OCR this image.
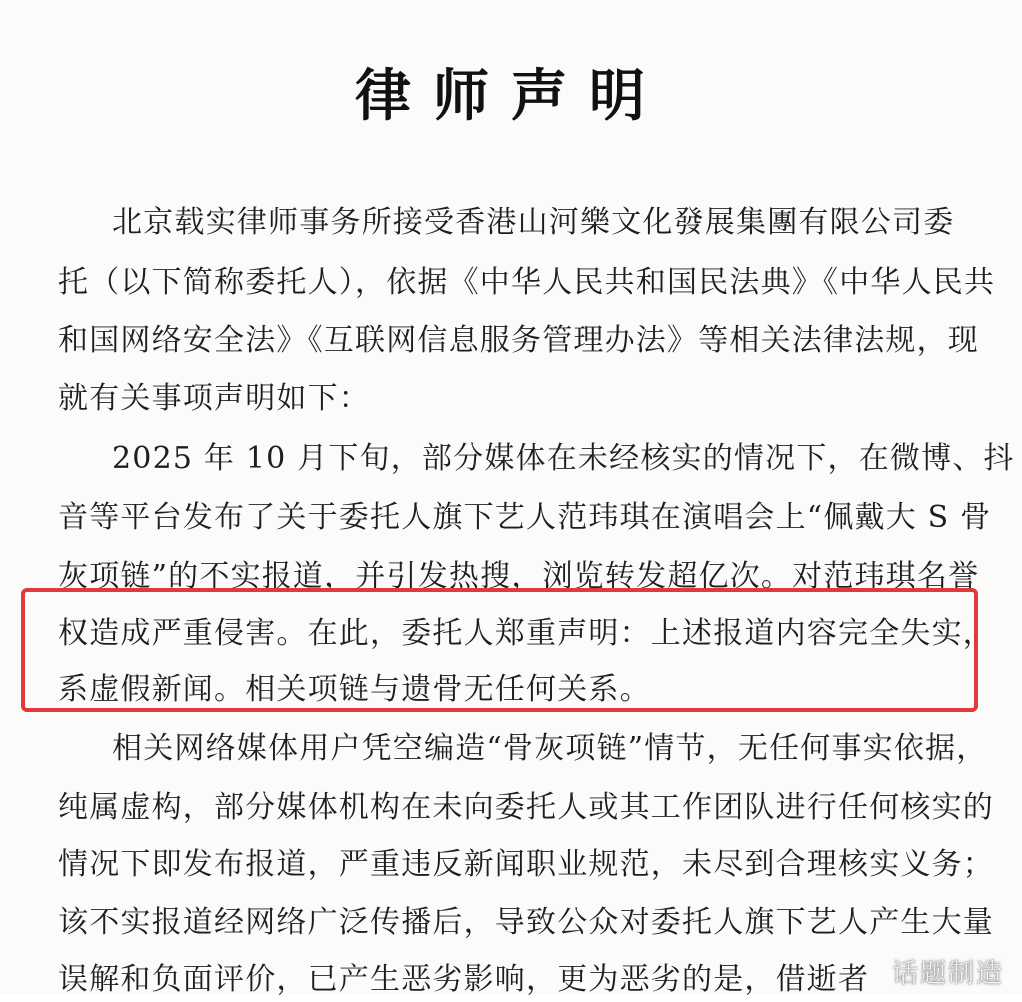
律师声明
北京载实律师事务所接受香港山河樂文化發展集團有限公司委
托（以下简称委托人），依据《中华人民共和国民法典》《中华人民共
和国网络安全法》《互联网信息服务管理办法》等相关法律法规，现
就有关事项声明如下：
2025 年 10 月下旬，部分媒体在未经核实的情况下，在微博、抖
音等平台发布了关于委托人旗下艺人范玮琪在演唱会上“佩戴大 S 骨
灰项链”的不实报道，并引发热搜，浏览转发超亿次。对范玮琪名誉
权造成严重侵害。在此，委托人郑重声明：上述报道内容完全失实，
系虚假新闻。相关项链与遗骨无任何关系。
相关网络媒体用户凭空编造“骨灰项链”情节，无任何事实依据，
纯属虚构，部分媒体机构在未向委托人或其工作团队进行任何核实的
情况下即发布报道，严重违反新闻职业规范，未尽到合理核实义务；
该不实报道经网络广泛传播后，导致公众对委托人旗下艺人产生大量
误解和负面评价，已产生恶劣影响，更为恶劣的是，借逝者 话题制造
